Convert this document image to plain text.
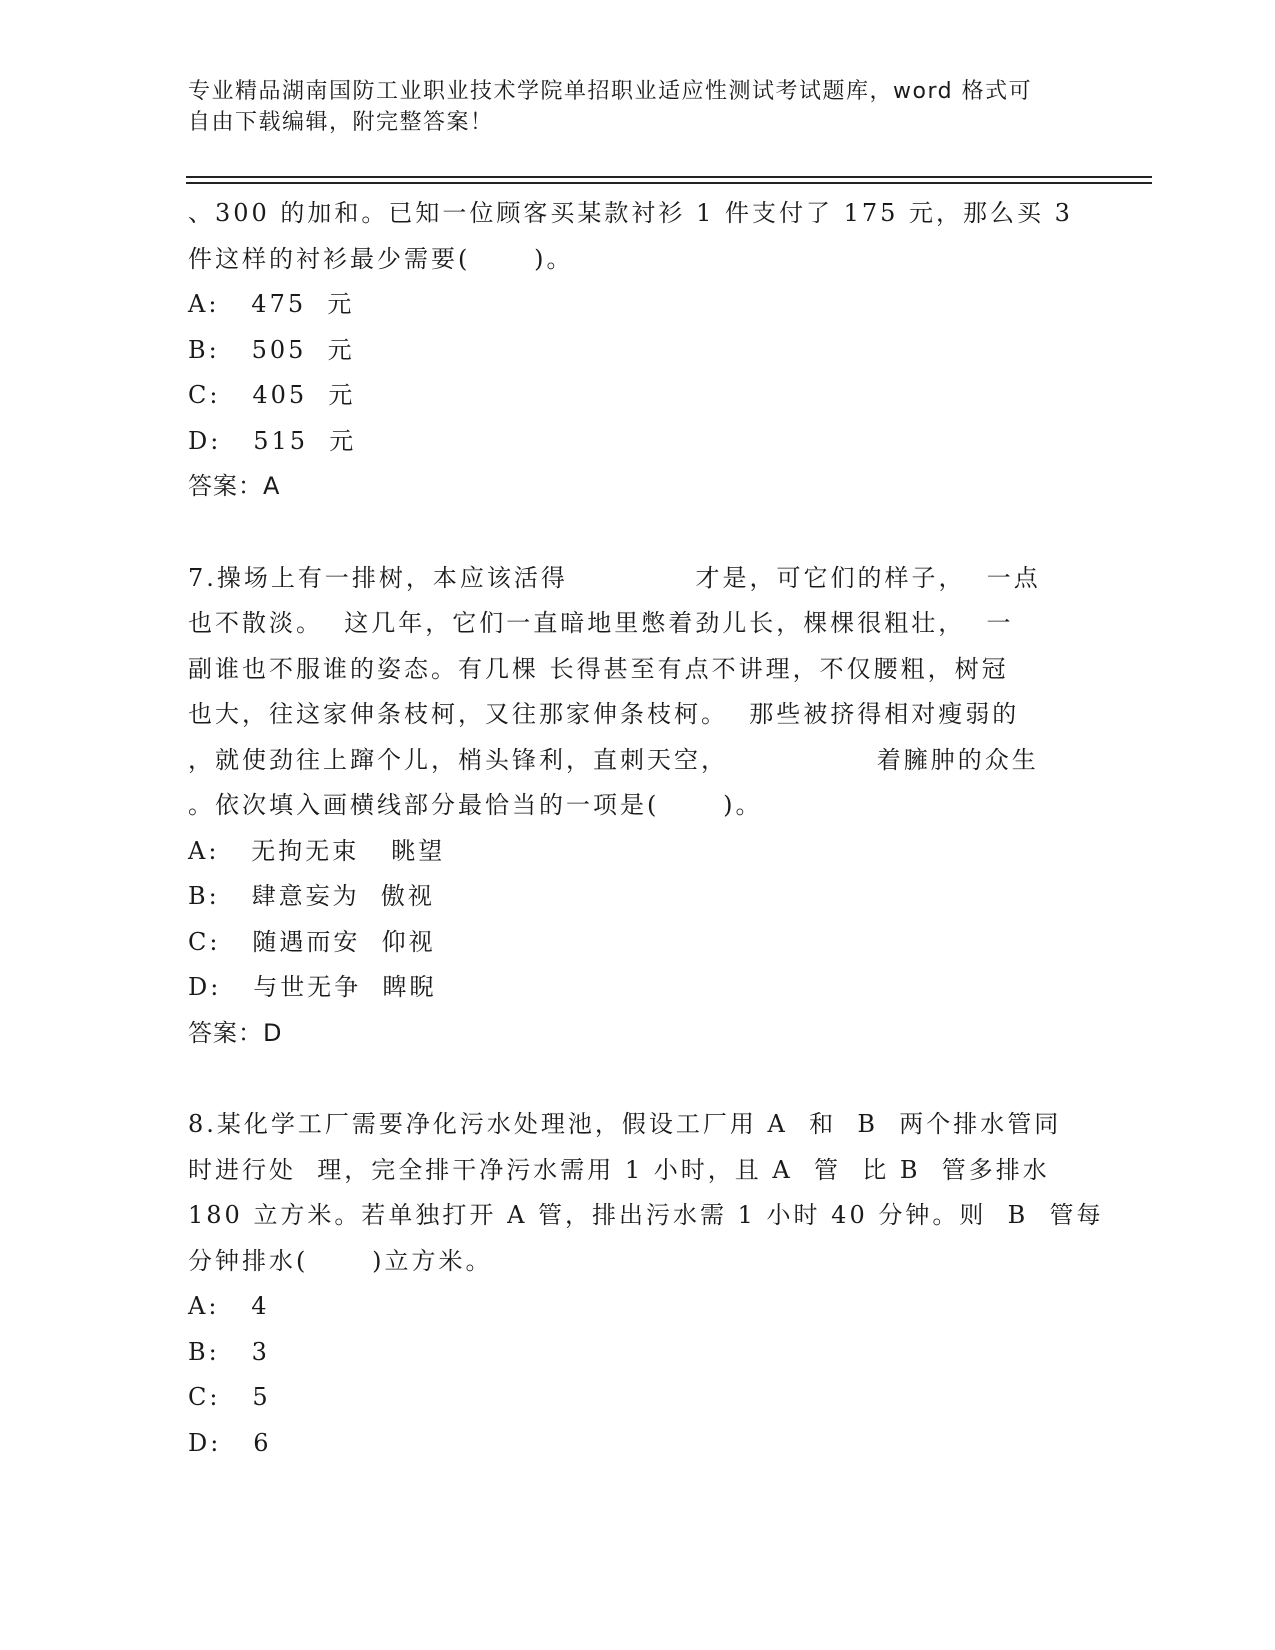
专业精品湖南国防工业职业技术学院单招职业适应性测试考试题库，word 格式可
自由下载编辑，附完整答案！
、300 的加和。已知一位顾客买某款衬衫 1 件支付了 175 元，那么买 3
件这样的衬衫最少需要(      )。
A:   475  元
B:   505  元
C:   405  元
D:   515  元
答案：A
7.操场上有一排树，本应该活得            才是，可它们的样子，  一点
也不散淡。  这几年，它们一直暗地里憋着劲儿长，棵棵很粗壮，  一
副谁也不服谁的姿态。有几棵 长得甚至有点不讲理，不仅腰粗，树冠
也大，往这家伸条枝柯，又往那家伸条枝柯。  那些被挤得相对瘦弱的
，就使劲往上蹿个儿，梢头锋利，直刺天空，              着臃肿的众生
。依次填入画横线部分最恰当的一项是(      )。
A:   无拘无束   眺望
B:   肆意妄为  傲视
C:   随遇而安  仰视
D:   与世无争  睥睨
答案：D
8.某化学工厂需要净化污水处理池，假设工厂用 A  和  B  两个排水管同
时进行处  理，完全排干净污水需用 1 小时，且 A  管  比 B  管多排水
180 立方米。若单独打开 A 管，排出污水需 1 小时 40 分钟。则  B  管每
分钟排水(      )立方米。
A:   4
B:   3
C:   5
D:   6
